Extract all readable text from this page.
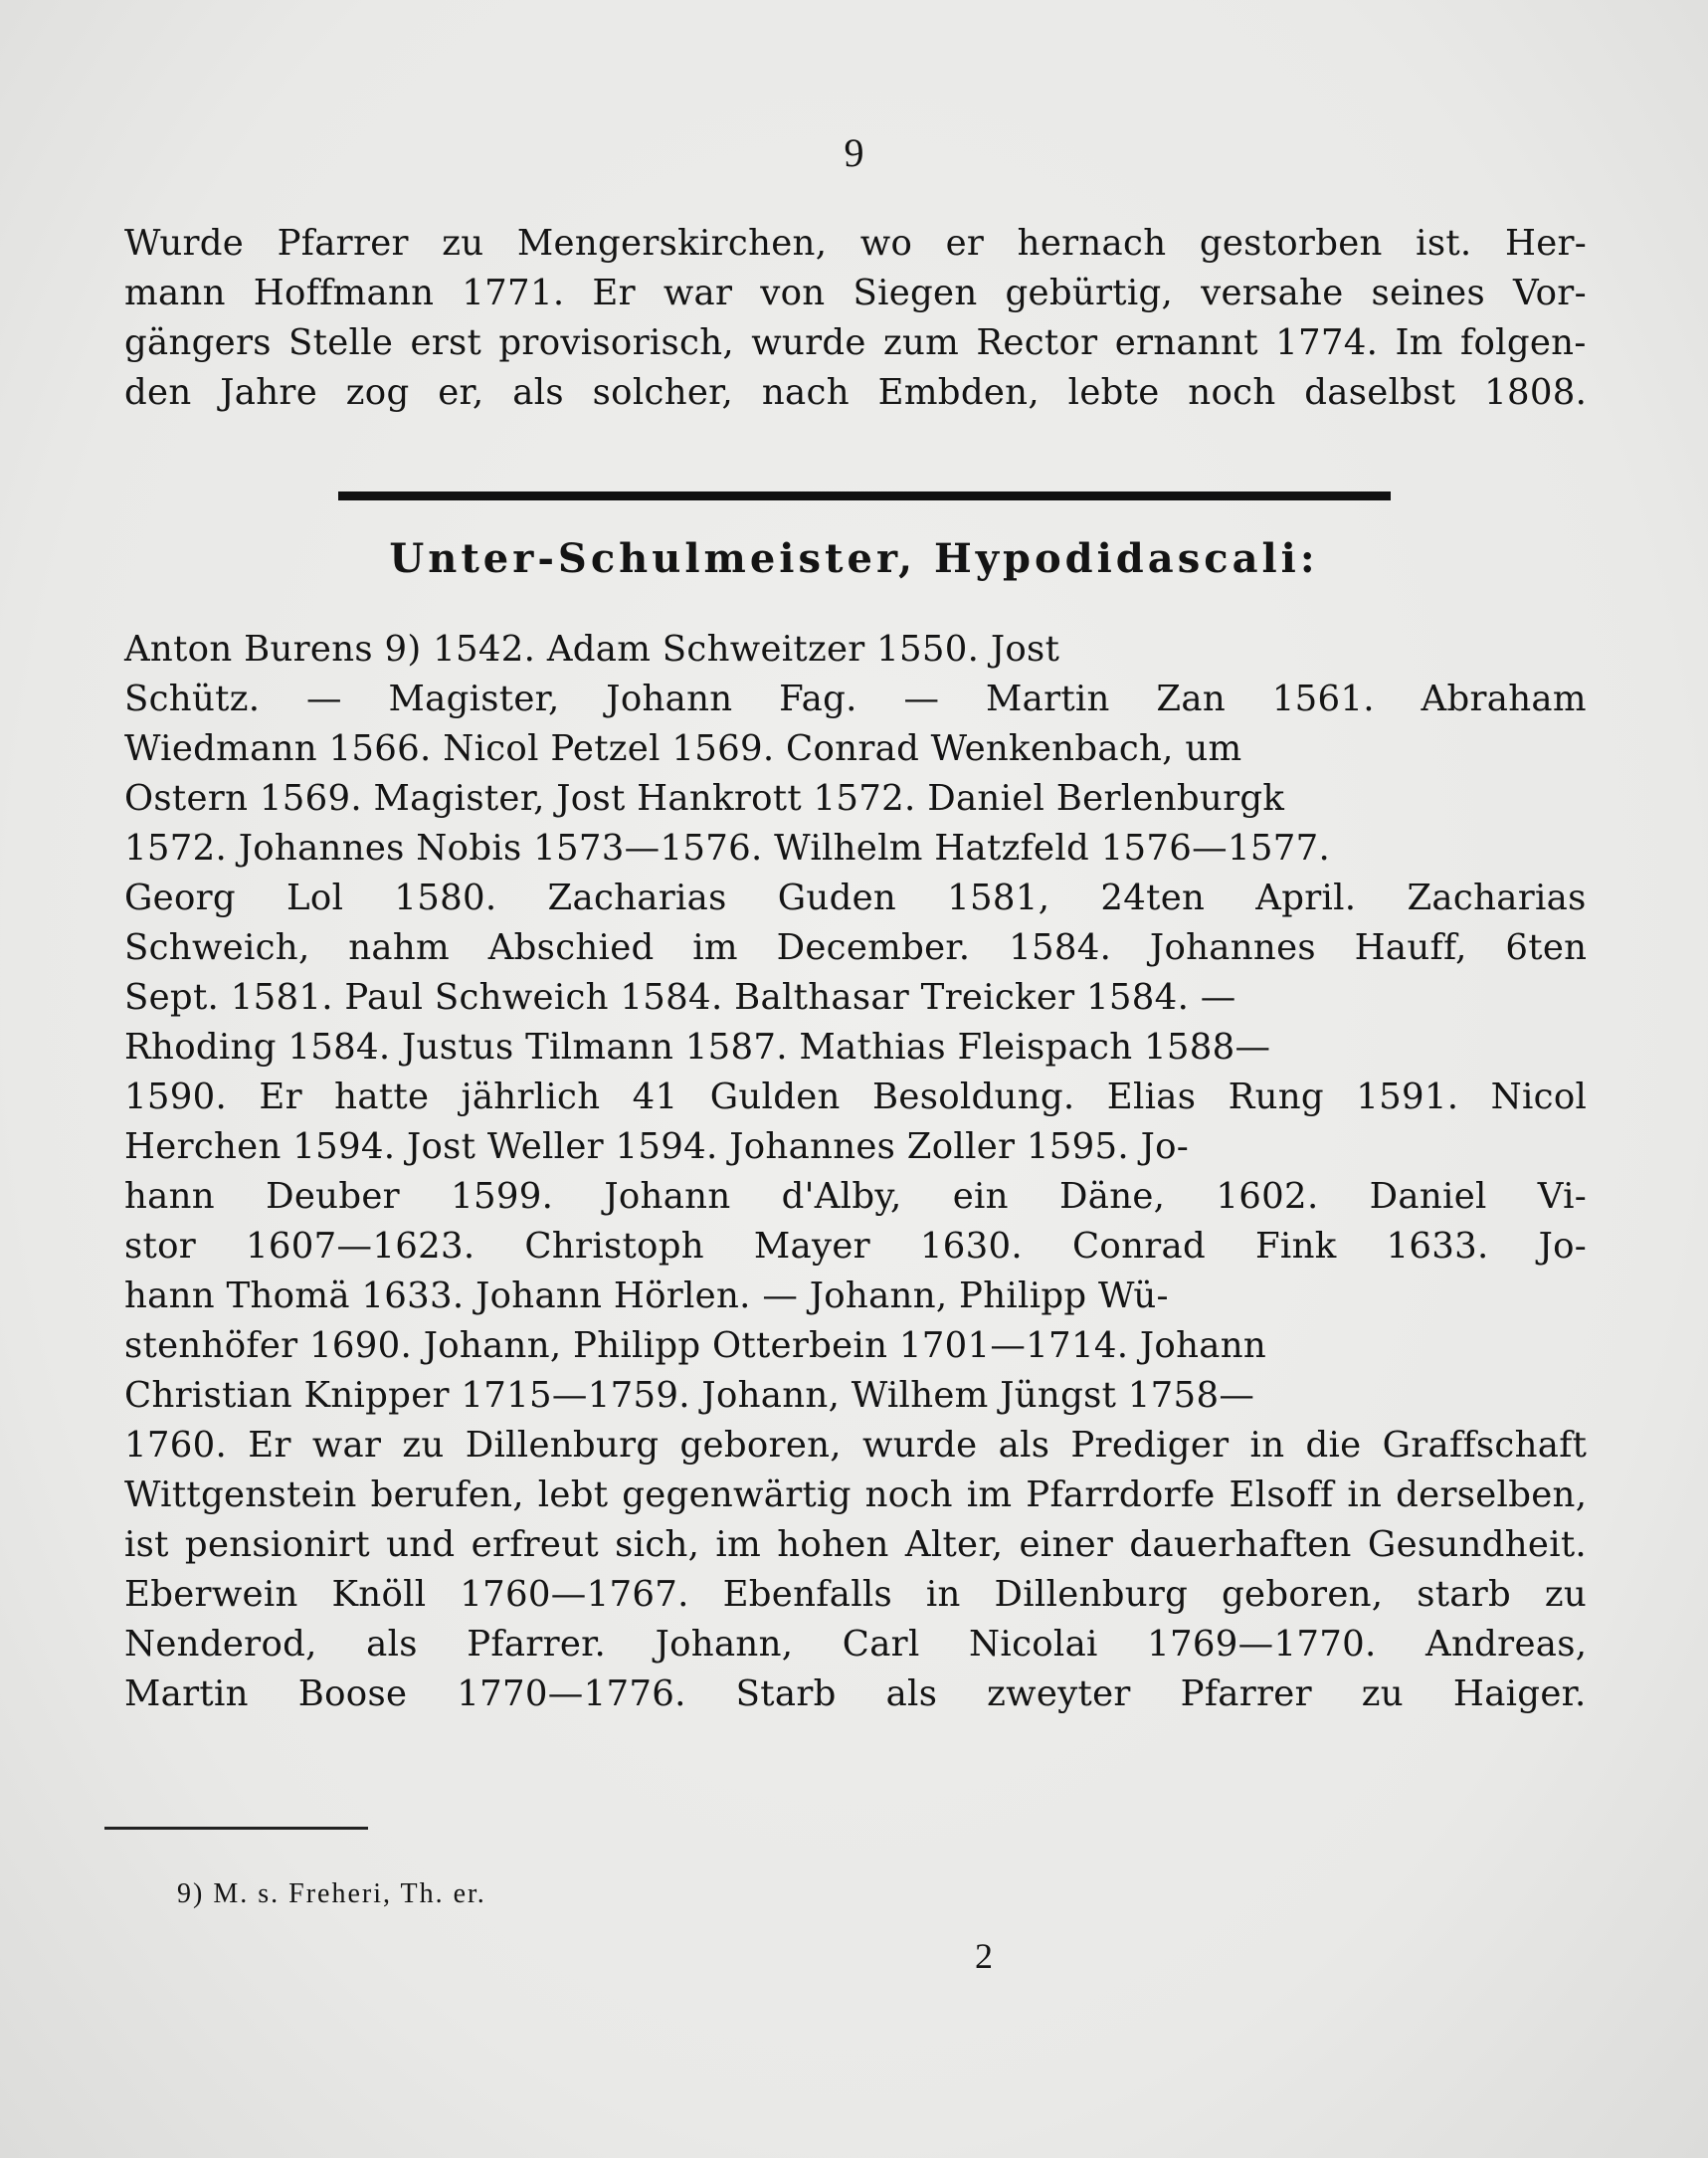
9
Wurde Pfarrer zu Mengerskirchen, wo er hernach gestorben ist. Her-
mann Hoffmann 1771. Er war von Siegen gebürtig, versahe seines Vor-
gängers Stelle erst provisorisch, wurde zum Rector ernannt 1774. Im folgen-
den Jahre zog er, als solcher, nach Embden, lebte noch daselbst 1808.
Unter-Schulmeister, Hypodidascali:
Anton Burens 9) 1542. Adam Schweitzer 1550. Jost
Schütz. — Magister, Johann Fag. — Martin Zan 1561. Abraham
Wiedmann 1566. Nicol Petzel 1569. Conrad Wenkenbach, um
Ostern 1569. Magister, Jost Hankrott 1572. Daniel Berlenburgk
1572. Johannes Nobis 1573—1576. Wilhelm Hatzfeld 1576—1577.
Georg Lol 1580. Zacharias Guden 1581, 24ten April. Zacharias
Schweich, nahm Abschied im December. 1584. Johannes Hauff, 6ten
Sept. 1581. Paul Schweich 1584. Balthasar Treicker 1584. —
Rhoding 1584. Justus Tilmann 1587. Mathias Fleispach 1588—
1590. Er hatte jährlich 41 Gulden Besoldung. Elias Rung 1591. Nicol
Herchen 1594. Jost Weller 1594. Johannes Zoller 1595. Jo-
hann Deuber 1599. Johann d'Alby, ein Däne, 1602. Daniel Vi-
stor 1607—1623. Christoph Mayer 1630. Conrad Fink 1633. Jo-
hann Thomä 1633. Johann Hörlen. — Johann, Philipp Wü-
stenhöfer 1690. Johann, Philipp Otterbein 1701—1714. Johann
Christian Knipper 1715—1759. Johann, Wilhem Jüngst 1758—
1760. Er war zu Dillenburg geboren, wurde als Prediger in die Graffschaft
Wittgenstein berufen, lebt gegenwärtig noch im Pfarrdorfe Elsoff in derselben,
ist pensionirt und erfreut sich, im hohen Alter, einer dauerhaften Gesundheit.
Eberwein Knöll 1760—1767. Ebenfalls in Dillenburg geboren, starb zu
Nenderod, als Pfarrer. Johann, Carl Nicolai 1769—1770. Andreas,
Martin Boose 1770—1776. Starb als zweyter Pfarrer zu Haiger.
9) M. s. Freheri, Th. er.
2
